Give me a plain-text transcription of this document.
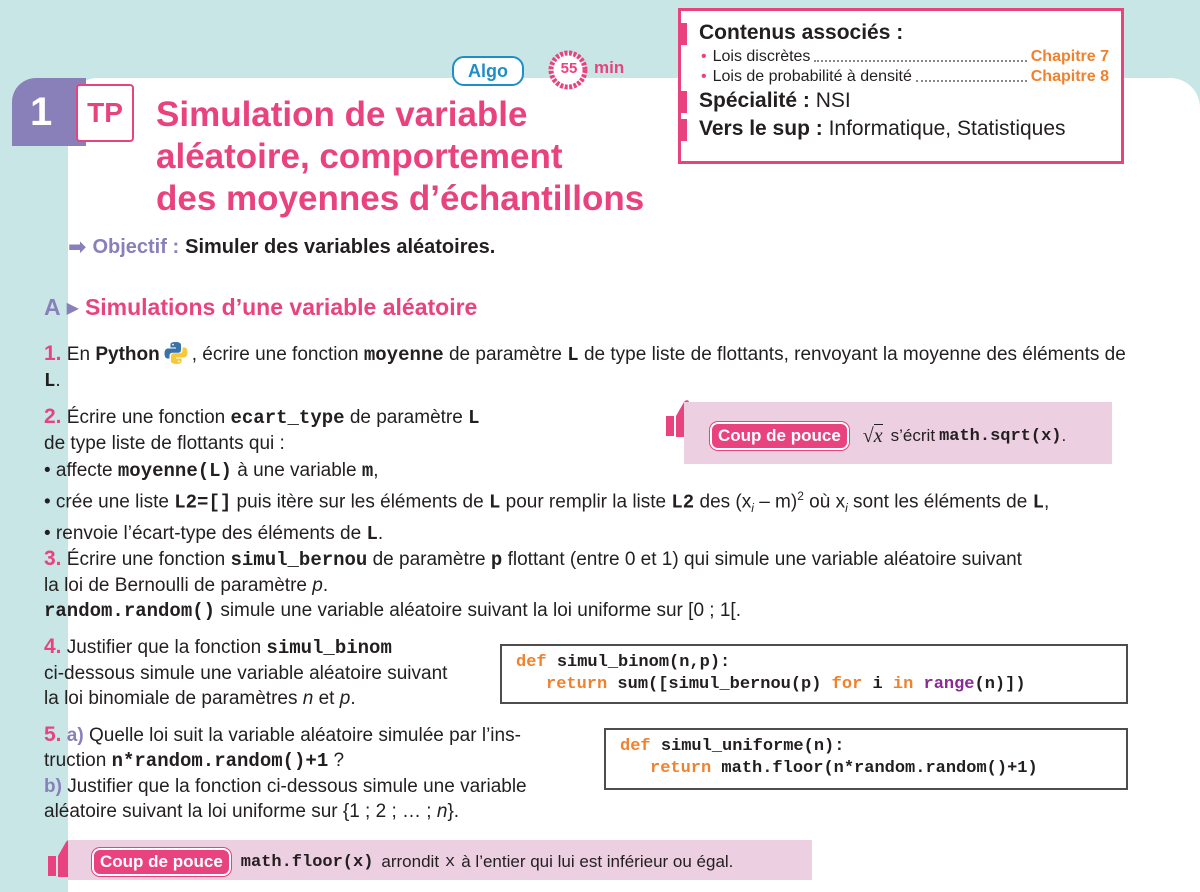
1	TP
Algo	55 min
Simulation de variable
aléatoire, comportement
des moyennes d’échantillons
Contenus associés :
• Lois discrètes	Chapitre 7
• Lois de probabilité à densité	Chapitre 8
Spécialité : NSI
Vers le sup : Informatique, Statistiques
➡ Objectif : Simuler des variables aléatoires.
A ▶ Simulations d’une variable aléatoire
1. En Python , écrire une fonction moyenne de paramètre L de type liste de flottants, renvoyant la moyenne des éléments de L.
2. Écrire une fonction ecart_type de paramètre L
de type liste de flottants qui :
• affecte moyenne(L) à une variable m,
• crée une liste L2=[] puis itère sur les éléments de L pour remplir la liste L2 des $(x_i - m)^2$ où $x_i$ sont les éléments de L,
• renvoie l’écart-type des éléments de L.
Coup de pouce	√x s’écrit math.sqrt(x) .
3. Écrire une fonction simul_bernou de paramètre p flottant (entre 0 et 1) qui simule une variable aléatoire suivant
la loi de Bernoulli de paramètre p.
random.random() simule une variable aléatoire suivant la loi uniforme sur [0 ; 1[.
4. Justifier que la fonction simul_binom
ci-dessous simule une variable aléatoire suivant
la loi binomiale de paramètres n et p.
def simul_binom(n,p):
return sum([simul_bernou(p) for i in range(n)])
5. a) Quelle loi suit la variable aléatoire simulée par l’ins-
truction n*random.random()+1 ?
b) Justifier que la fonction ci-dessous simule une variable
aléatoire suivant la loi uniforme sur {1 ; 2 ; … ; n}.
def simul_uniforme(n):
return math.floor(n*random.random()+1)
Coup de pouce	math.floor(x) arrondit x à l’entier qui lui est inférieur ou égal.
